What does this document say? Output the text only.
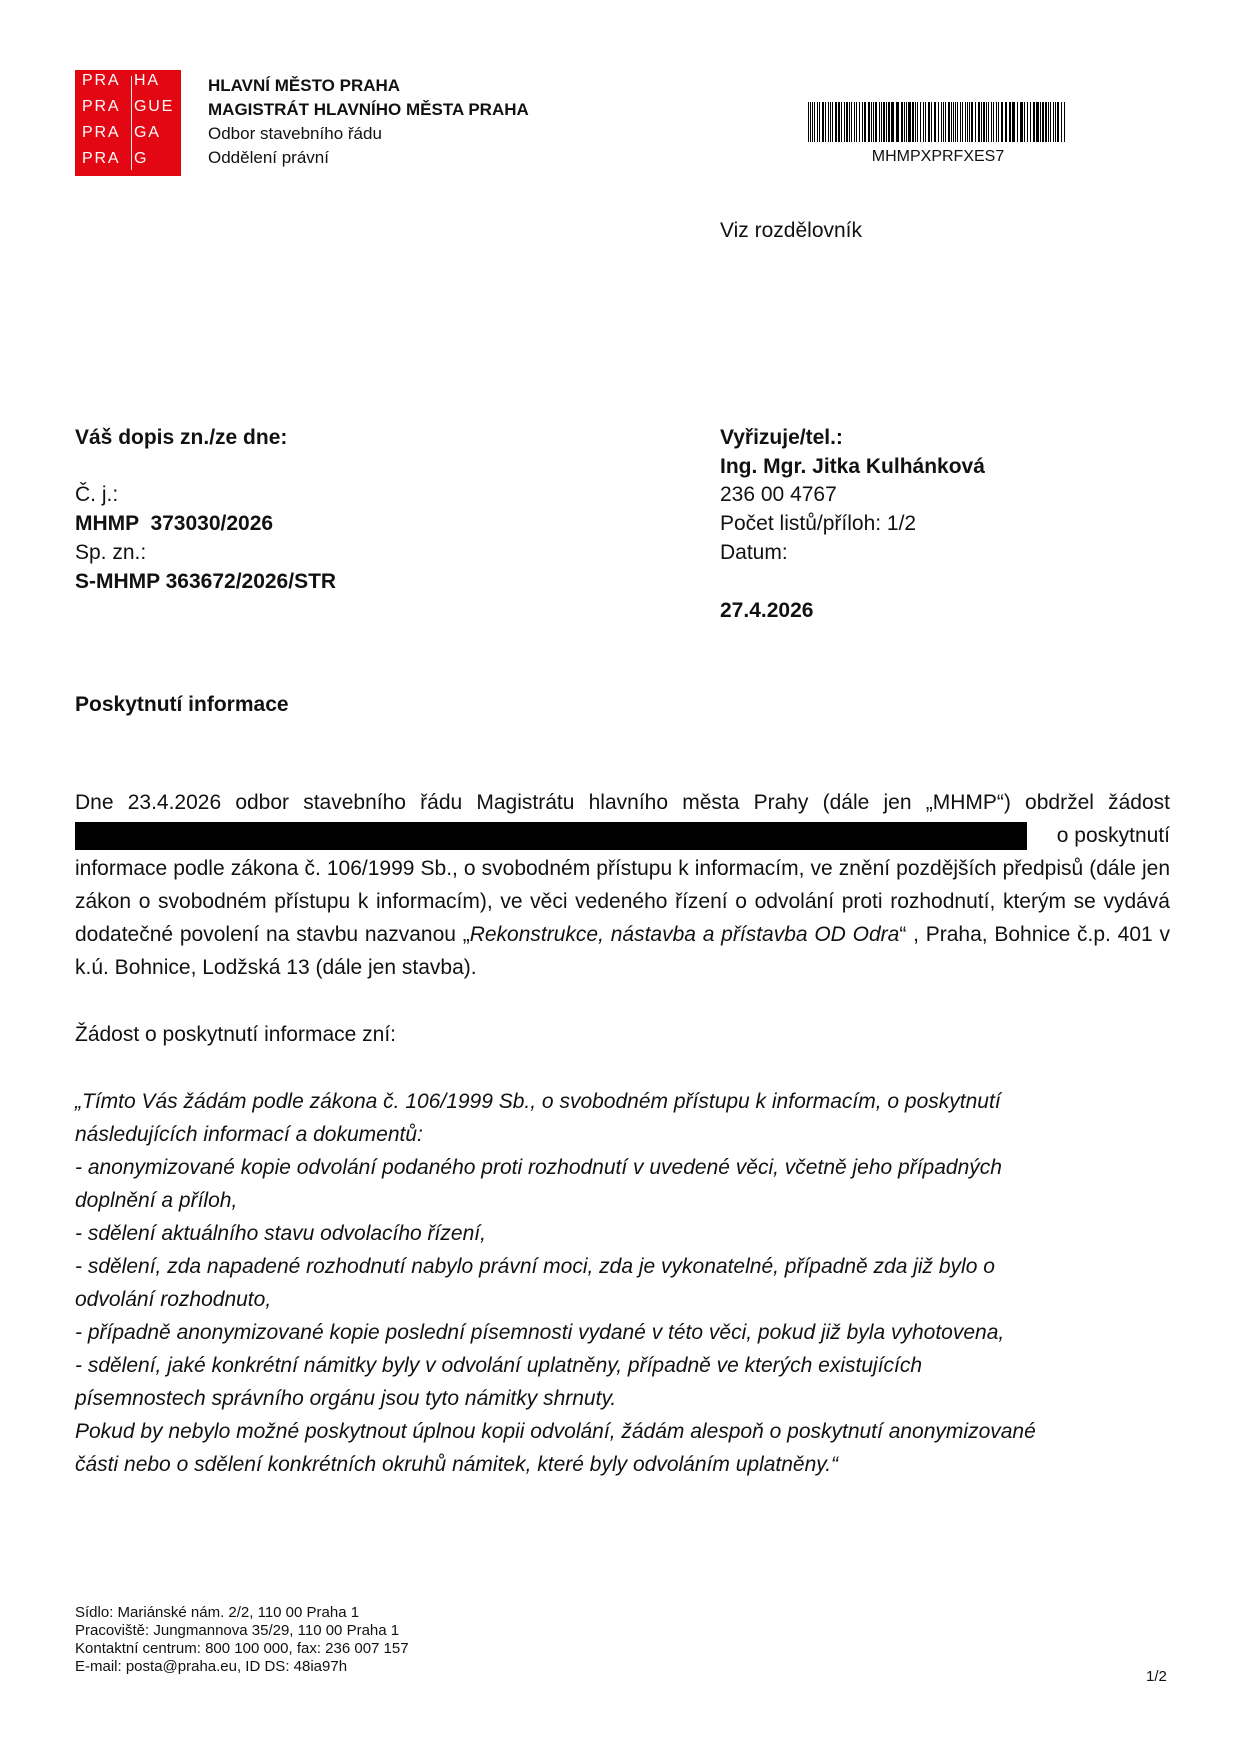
PRA HA
PRA GUE
PRA GA
PRA G
HLAVNÍ MĚSTO PRAHA
MAGISTRÁT HLAVNÍHO MĚSTA PRAHA
Odbor stavebního řádu
Oddělení právní	MHMPXPRFXES7
Viz rozdělovník
Váš dopis zn./ze dne:
Č. j.:
MHMP  373030/2026
Sp. zn.:
S-MHMP 363672/2026/STR
Vyřizuje/tel.:
Ing. Mgr. Jitka Kulhánková
236 00 4767
Počet listů/příloh: 1/2
Datum:
27.4.2026
Poskytnutí informace
Dne 23.4.2026 odbor stavebního řádu Magistrátu hlavního města Prahy (dále jen „MHMP“) obdržel žádost
o poskytnutí
informace podle zákona č. 106/1999 Sb., o svobodném přístupu k informacím, ve znění pozdějších předpisů (dále jen zákon o svobodném přístupu k informacím), ve věci vedeného řízení o odvolání proti rozhodnutí, kterým se vydává dodatečné povolení na stavbu nazvanou „Rekonstrukce, nástavba a přístavba OD Odra“ , Praha, Bohnice č.p. 401 v k.ú. Bohnice, Lodžská 13 (dále jen stavba).
Žádost o poskytnutí informace zní:
„Tímto Vás žádám podle zákona č. 106/1999 Sb., o svobodném přístupu k informacím, o poskytnutí
následujících informací a dokumentů:
- anonymizované kopie odvolání podaného proti rozhodnutí v uvedené věci, včetně jeho případných
doplnění a příloh,
- sdělení aktuálního stavu odvolacího řízení,
- sdělení, zda napadené rozhodnutí nabylo právní moci, zda je vykonatelné, případně zda již bylo o
odvolání rozhodnuto,
- případně anonymizované kopie poslední písemnosti vydané v této věci, pokud již byla vyhotovena,
- sdělení, jaké konkrétní námitky byly v odvolání uplatněny, případně ve kterých existujících
písemnostech správního orgánu jsou tyto námitky shrnuty.
Pokud by nebylo možné poskytnout úplnou kopii odvolání, žádám alespoň o poskytnutí anonymizované
části nebo o sdělení konkrétních okruhů námitek, které byly odvoláním uplatněny.“
Sídlo: Mariánské nám. 2/2, 110 00 Praha 1
Pracoviště: Jungmannova 35/29, 110 00 Praha 1
Kontaktní centrum: 800 100 000, fax: 236 007 157
E-mail: posta@praha.eu, ID DS: 48ia97h
1/2
